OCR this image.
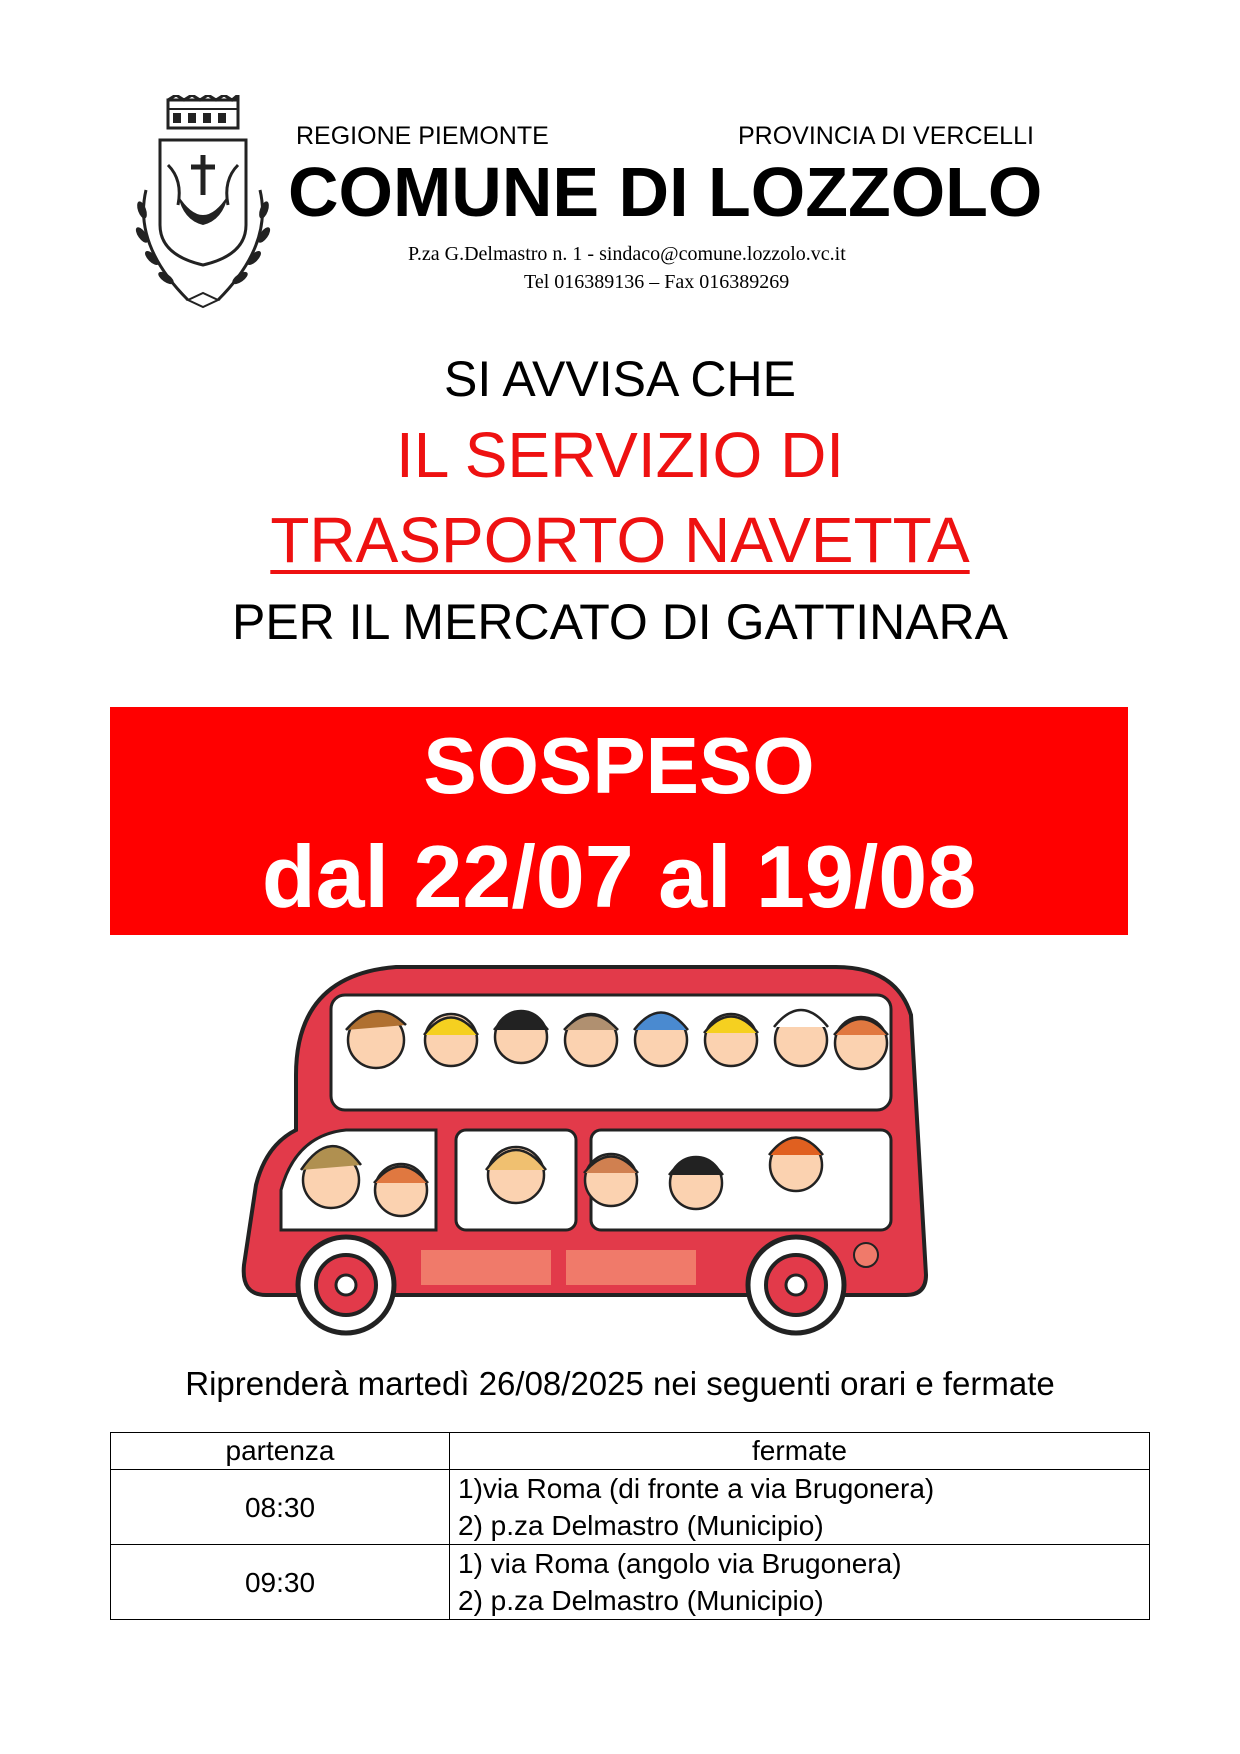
REGIONE PIEMONTE	PROVINCIA DI VERCELLI
COMUNE DI LOZZOLO
P.za G.Delmastro n. 1 - sindaco@comune.lozzolo.vc.it
Tel 016389136 – Fax 016389269
SI AVVISA CHE
IL SERVIZIO DI
TRASPORTO NAVETTA
PER IL MERCATO DI GATTINARA
SOSPESO
dal 22/07 al 19/08
Riprenderà martedì 26/08/2025 nei seguenti orari e fermate
partenza	fermate
08:30	1)via Roma (di fronte a via Brugonera)
2) p.za Delmastro (Municipio)

09:30	1) via Roma (angolo via Brugonera)
2) p.za Delmastro (Municipio)
